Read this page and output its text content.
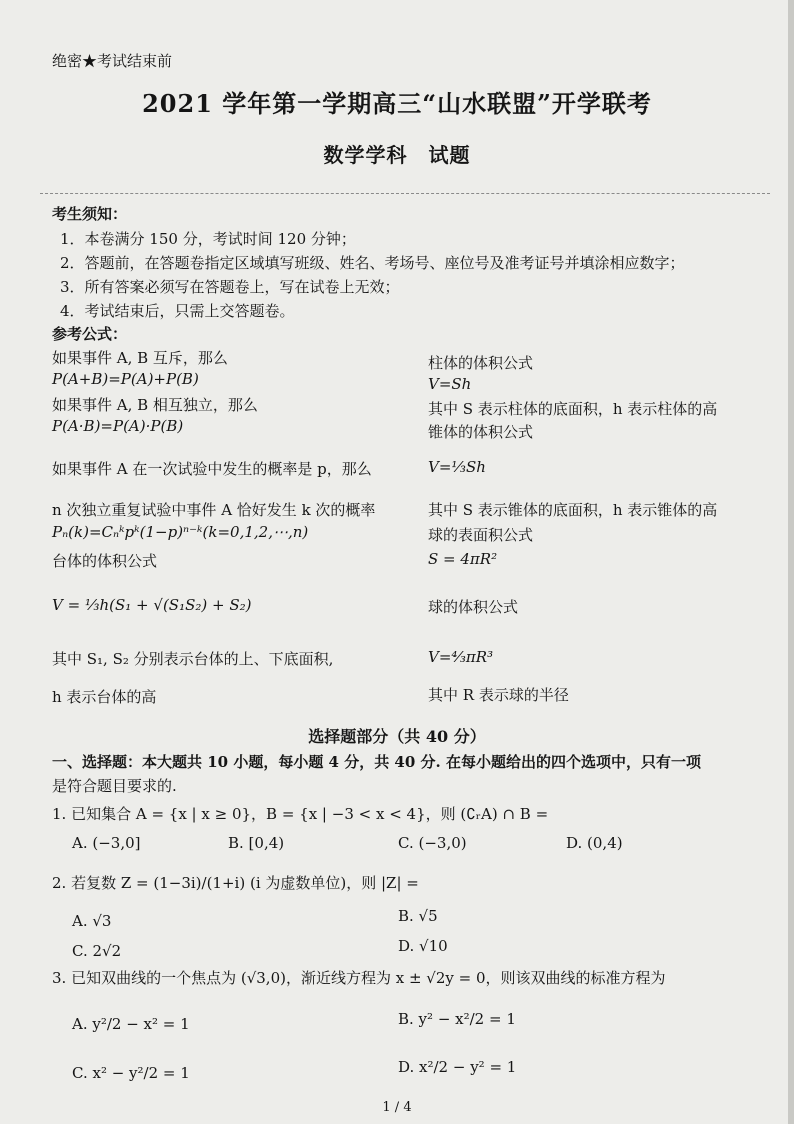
绝密★考试结束前
2021 学年第一学期高三“山水联盟”开学联考
数学学科　试题
考生须知：
1．本卷满分 150 分，考试时间 120 分钟；
2．答题前，在答题卷指定区域填写班级、姓名、考场号、座位号及准考证号并填涂相应数字；
3．所有答案必须写在答题卷上，写在试卷上无效；
4．考试结束后，只需上交答题卷。
参考公式：
如果事件 A, B 互斥，那么
P(A+B)=P(A)+P(B)
如果事件 A, B 相互独立，那么
P(A·B)=P(A)·P(B)
如果事件 A 在一次试验中发生的概率是 p，那么
n 次独立重复试验中事件 A 恰好发生 k 次的概率
Pₙ(k)=Cₙᵏpᵏ(1−p)ⁿ⁻ᵏ(k=0,1,2,⋯,n)
台体的体积公式
V = ⅓h(S₁ + √(S₁S₂) + S₂)
其中 S₁, S₂ 分别表示台体的上、下底面积,
h 表示台体的高
柱体的体积公式
V=Sh
其中 S 表示柱体的底面积，h 表示柱体的高
锥体的体积公式
V=⅓Sh
其中 S 表示锥体的底面积，h 表示锥体的高
球的表面积公式
S = 4πR²
球的体积公式
V=⁴⁄₃πR³
其中 R 表示球的半径
选择题部分（共 40 分）
一、选择题：本大题共 10 小题，每小题 4 分，共 40 分. 在每小题给出的四个选项中，只有一项
是符合题目要求的.
1. 已知集合 A = {x | x ≥ 0}，B = {x | −3 < x < 4}，则 (∁ᵣA) ∩ B =
A. (−3,0]	B. [0,4)	C. (−3,0)	D. (0,4)
2. 若复数 Z = (1−3i)/(1+i) (i 为虚数单位)，则 |Z| =
A. √3	B. √5
C. 2√2	D. √10
3. 已知双曲线的一个焦点为 (√3,0)，渐近线方程为 x ± √2y = 0，则该双曲线的标准方程为
A. y²/2 − x² = 1	B. y² − x²/2 = 1
C. x² − y²/2 = 1	D. x²/2 − y² = 1
1 / 4
